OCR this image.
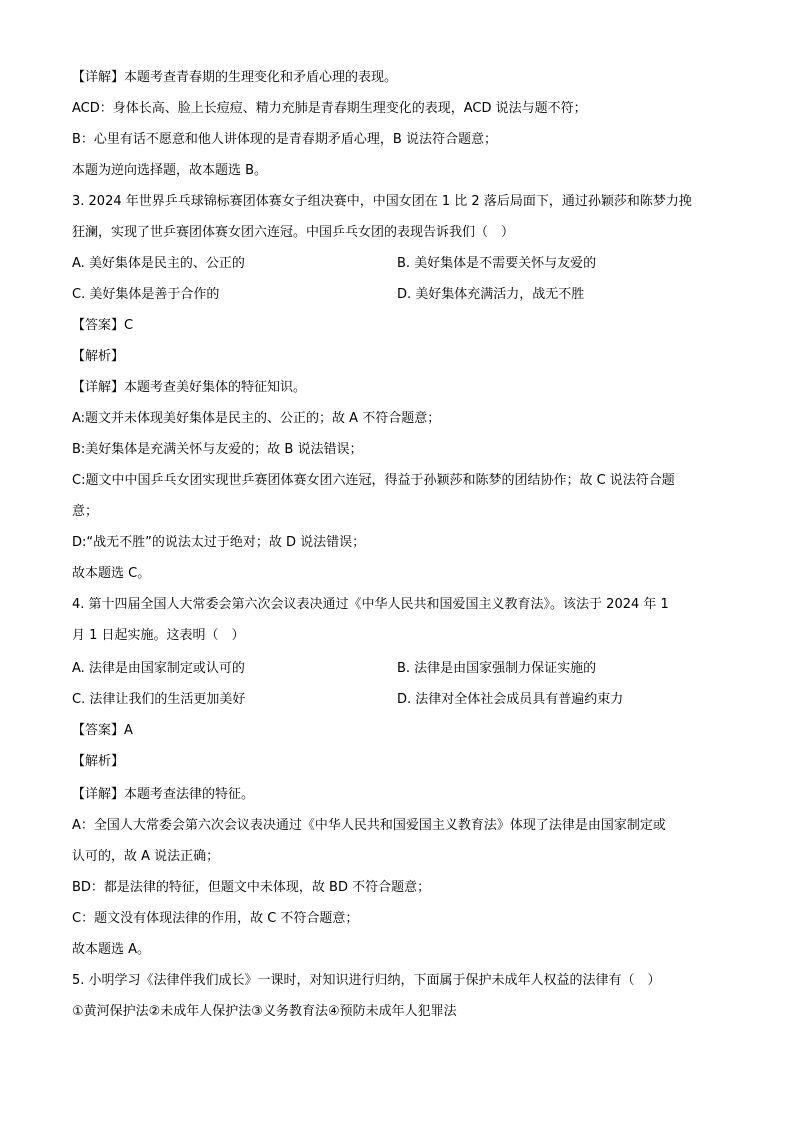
【详解】本题考查青春期的生理变化和矛盾心理的表现。
ACD：身体长高、脸上长痘痘、精力充肺是青春期生理变化的表现，ACD 说法与题不符；
B：心里有话不愿意和他人讲体现的是青春期矛盾心理，B 说法符合题意；
本题为逆向选择题，故本题选 B。
3. 2024 年世界乒乓球锦标赛团体赛女子组决赛中，中国女团在 1 比 2 落后局面下，通过孙颖莎和陈梦力挽
狂澜，实现了世乒赛团体赛女团六连冠。中国乒乓女团的表现告诉我们（　）
A. 美好集体是民主的、公正的	B. 美好集体是不需要关怀与友爱的
C. 美好集体是善于合作的	D. 美好集体充满活力，战无不胜
【答案】C
【解析】
【详解】本题考查美好集体的特征知识。
A:题文并未体现美好集体是民主的、公正的；故 A 不符合题意；
B:美好集体是充满关怀与友爱的；故 B 说法错误；
C:题文中中国乒乓女团实现世乒赛团体赛女团六连冠，得益于孙颖莎和陈梦的团结协作；故 C 说法符合题
意；
D:“战无不胜”的说法太过于绝对；故 D 说法错误；
故本题选 C。
4. 第十四届全国人大常委会第六次会议表决通过《中华人民共和国爱国主义教育法》。该法于 2024 年 1
月 1 日起实施。这表明（　）
A. 法律是由国家制定或认可的	B. 法律是由国家强制力保证实施的
C. 法律让我们的生活更加美好	D. 法律对全体社会成员具有普遍约束力
【答案】A
【解析】
【详解】本题考查法律的特征。
A：全国人大常委会第六次会议表决通过《中华人民共和国爱国主义教育法》体现了法律是由国家制定或
认可的，故 A 说法正确；
BD：都是法律的特征，但题文中未体现，故 BD 不符合题意；
C：题文没有体现法律的作用，故 C 不符合题意；
故本题选 A。
5. 小明学习《法律伴我们成长》一课时，对知识进行归纳，下面属于保护未成年人权益的法律有（　）
①黄河保护法②未成年人保护法③义务教育法④预防未成年人犯罪法
